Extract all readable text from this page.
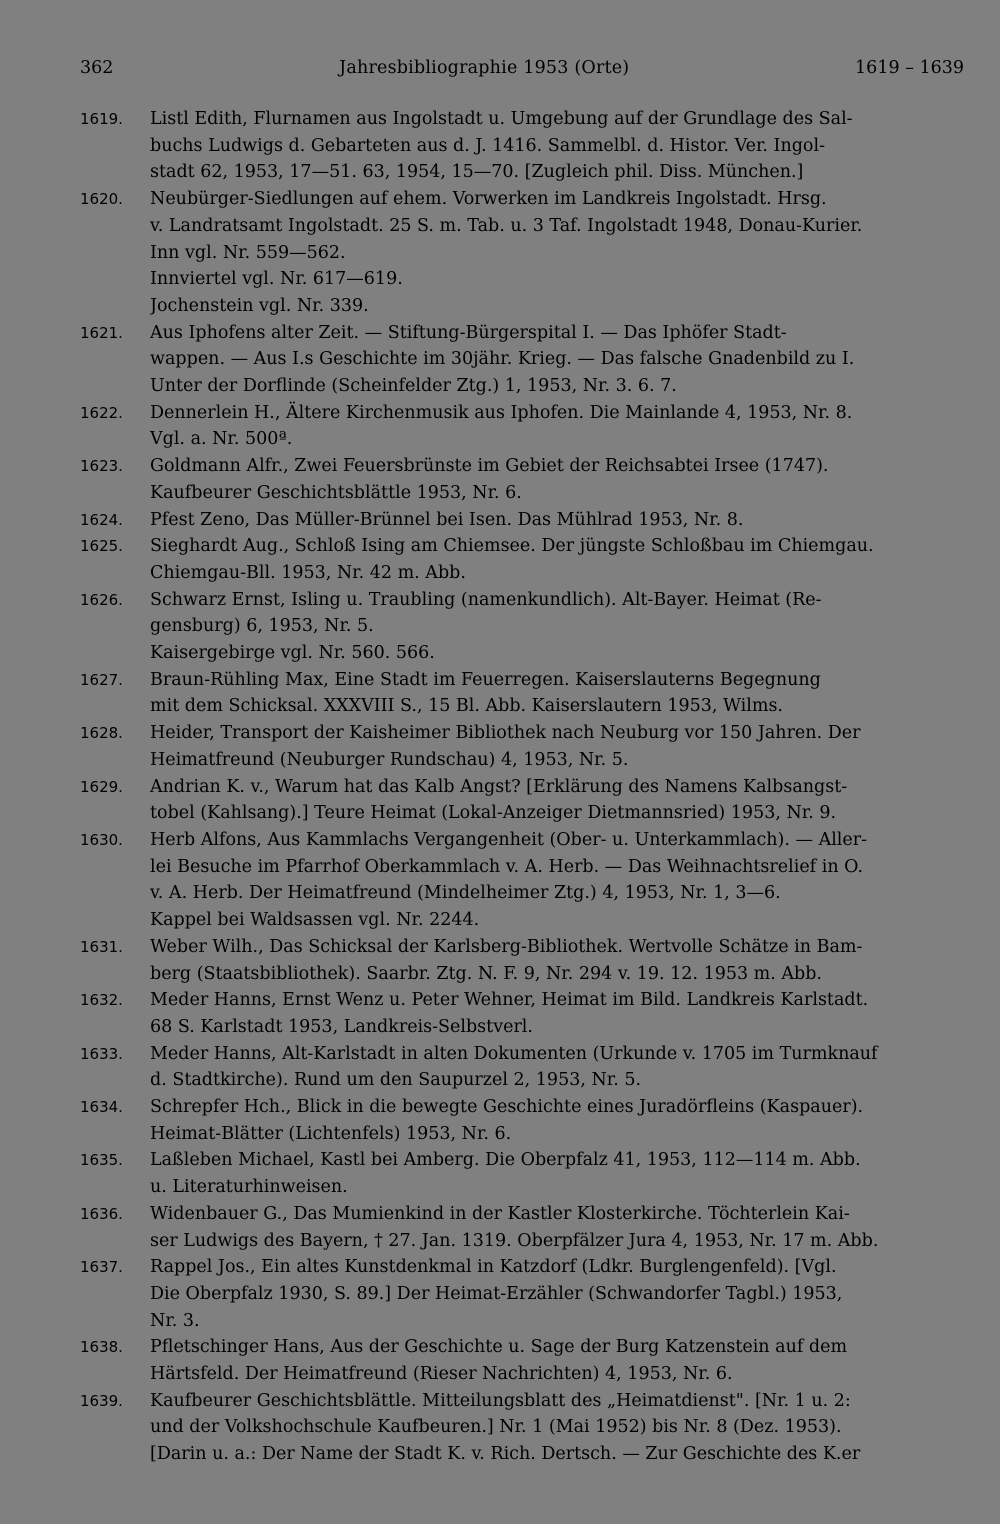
362	Jahresbibliographie 1953 (Orte)	1619 – 1639
1619.	Listl Edith, Flurnamen aus Ingolstadt u. Umgebung auf der Grundlage des Sal-
buchs Ludwigs d. Gebarteten aus d. J. 1416. Sammelbl. d. Histor. Ver. Ingol-
stadt 62, 1953, 17—51. 63, 1954, 15—70. [Zugleich phil. Diss. München.]
1620.	Neubürger-Siedlungen auf ehem. Vorwerken im Landkreis Ingolstadt. Hrsg.
v. Landratsamt Ingolstadt. 25 S. m. Tab. u. 3 Taf. Ingolstadt 1948, Donau-Kurier.
Inn vgl. Nr. 559—562.
Innviertel vgl. Nr. 617—619.
Jochenstein vgl. Nr. 339.
1621.	Aus Iphofens alter Zeit. — Stiftung-Bürgerspital I. — Das Iphöfer Stadt-
wappen. — Aus I.s Geschichte im 30jähr. Krieg. — Das falsche Gnadenbild zu I.
Unter der Dorflinde (Scheinfelder Ztg.) 1, 1953, Nr. 3. 6. 7.
1622.	Dennerlein H., Ältere Kirchenmusik aus Iphofen. Die Mainlande 4, 1953, Nr. 8.
Vgl. a. Nr. 500ª.
1623.	Goldmann Alfr., Zwei Feuersbrünste im Gebiet der Reichsabtei Irsee (1747).
Kaufbeurer Geschichtsblättle 1953, Nr. 6.
1624.	Pfest Zeno, Das Müller-Brünnel bei Isen. Das Mühlrad 1953, Nr. 8.
1625.	Sieghardt Aug., Schloß Ising am Chiemsee. Der jüngste Schloßbau im Chiemgau.
Chiemgau-Bll. 1953, Nr. 42 m. Abb.
1626.	Schwarz Ernst, Isling u. Traubling (namenkundlich). Alt-Bayer. Heimat (Re-
gensburg) 6, 1953, Nr. 5.
Kaisergebirge vgl. Nr. 560. 566.
1627.	Braun-Rühling Max, Eine Stadt im Feuerregen. Kaiserslauterns Begegnung
mit dem Schicksal. XXXVIII S., 15 Bl. Abb. Kaiserslautern 1953, Wilms.
1628.	Heider, Transport der Kaisheimer Bibliothek nach Neuburg vor 150 Jahren. Der
Heimatfreund (Neuburger Rundschau) 4, 1953, Nr. 5.
1629.	Andrian K. v., Warum hat das Kalb Angst? [Erklärung des Namens Kalbsangst-
tobel (Kahlsang).] Teure Heimat (Lokal-Anzeiger Dietmannsried) 1953, Nr. 9.
1630.	Herb Alfons, Aus Kammlachs Vergangenheit (Ober- u. Unterkammlach). — Aller-
lei Besuche im Pfarrhof Oberkammlach v. A. Herb. — Das Weihnachtsrelief in O.
v. A. Herb. Der Heimatfreund (Mindelheimer Ztg.) 4, 1953, Nr. 1, 3—6.
Kappel bei Waldsassen vgl. Nr. 2244.
1631.	Weber Wilh., Das Schicksal der Karlsberg-Bibliothek. Wertvolle Schätze in Bam-
berg (Staatsbibliothek). Saarbr. Ztg. N. F. 9, Nr. 294 v. 19. 12. 1953 m. Abb.
1632.	Meder Hanns, Ernst Wenz u. Peter Wehner, Heimat im Bild. Landkreis Karlstadt.
68 S. Karlstadt 1953, Landkreis-Selbstverl.
1633.	Meder Hanns, Alt-Karlstadt in alten Dokumenten (Urkunde v. 1705 im Turmknauf
d. Stadtkirche). Rund um den Saupurzel 2, 1953, Nr. 5.
1634.	Schrepfer Hch., Blick in die bewegte Geschichte eines Juradörfleins (Kaspauer).
Heimat-Blätter (Lichtenfels) 1953, Nr. 6.
1635.	Laßleben Michael, Kastl bei Amberg. Die Oberpfalz 41, 1953, 112—114 m. Abb.
u. Literaturhinweisen.
1636.	Widenbauer G., Das Mumienkind in der Kastler Klosterkirche. Töchterlein Kai-
ser Ludwigs des Bayern, † 27. Jan. 1319. Oberpfälzer Jura 4, 1953, Nr. 17 m. Abb.
1637.	Rappel Jos., Ein altes Kunstdenkmal in Katzdorf (Ldkr. Burglengenfeld). [Vgl.
Die Oberpfalz 1930, S. 89.] Der Heimat-Erzähler (Schwandorfer Tagbl.) 1953,
Nr. 3.
1638.	Pfletschinger Hans, Aus der Geschichte u. Sage der Burg Katzenstein auf dem
Härtsfeld. Der Heimatfreund (Rieser Nachrichten) 4, 1953, Nr. 6.
1639.	Kaufbeurer Geschichtsblättle. Mitteilungsblatt des „Heimatdienst". [Nr. 1 u. 2:
und der Volkshochschule Kaufbeuren.] Nr. 1 (Mai 1952) bis Nr. 8 (Dez. 1953).
[Darin u. a.: Der Name der Stadt K. v. Rich. Dertsch. — Zur Geschichte des K.er
